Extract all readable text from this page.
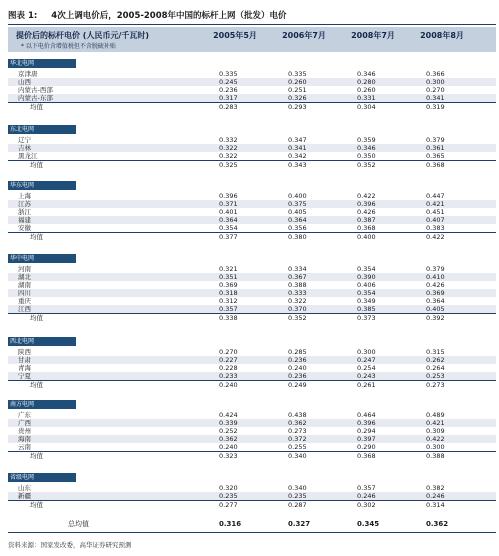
图表 1: 4次上调电价后，2005-2008年中国的标杆上网（批发）电价
提价后的标杆电价 (人民币元/千瓦时)
* 以下电价含增值税但不含脱硫补贴
2005年5月	2006年7月	2008年7月	2008年8月
华北电网
京津唐	0.335	0.335	0.346	0.366
山西	0.245	0.260	0.280	0.300
内蒙古-西部	0.236	0.251	0.260	0.270
内蒙古-东部	0.317	0.326	0.331	0.341
均值	0.283	0.293	0.304	0.319
东北电网
辽宁	0.332	0.347	0.359	0.379
吉林	0.322	0.341	0.346	0.361
黑龙江	0.322	0.342	0.350	0.365
均值	0.325	0.343	0.352	0.368
华东电网
上海	0.396	0.400	0.422	0.447
江苏	0.371	0.375	0.396	0.421
浙江	0.401	0.405	0.426	0.451
福建	0.364	0.364	0.387	0.407
安徽	0.354	0.356	0.368	0.383
均值	0.377	0.380	0.400	0.422
华中电网
河南	0.321	0.334	0.354	0.379
湖北	0.351	0.367	0.390	0.410
湖南	0.369	0.388	0.406	0.426
四川	0.318	0.333	0.354	0.369
重庆	0.312	0.322	0.349	0.364
江西	0.357	0.370	0.385	0.405
均值	0.338	0.352	0.373	0.392
西北电网
陕西	0.270	0.285	0.300	0.315
甘肃	0.227	0.236	0.247	0.262
青海	0.228	0.240	0.254	0.264
宁夏	0.233	0.236	0.243	0.253
均值	0.240	0.249	0.261	0.273
南方电网
广东	0.424	0.438	0.464	0.489
广西	0.339	0.362	0.396	0.421
贵州	0.252	0.273	0.294	0.309
海南	0.362	0.372	0.397	0.422
云南	0.240	0.255	0.290	0.300
均值	0.323	0.340	0.368	0.388
省级电网
山东	0.320	0.340	0.357	0.382
新疆	0.235	0.235	0.246	0.246
均值	0.277	0.287	0.302	0.314
总均值	0.316	0.327	0.345	0.362
资料来源：国家发改委，高华证券研究预测
